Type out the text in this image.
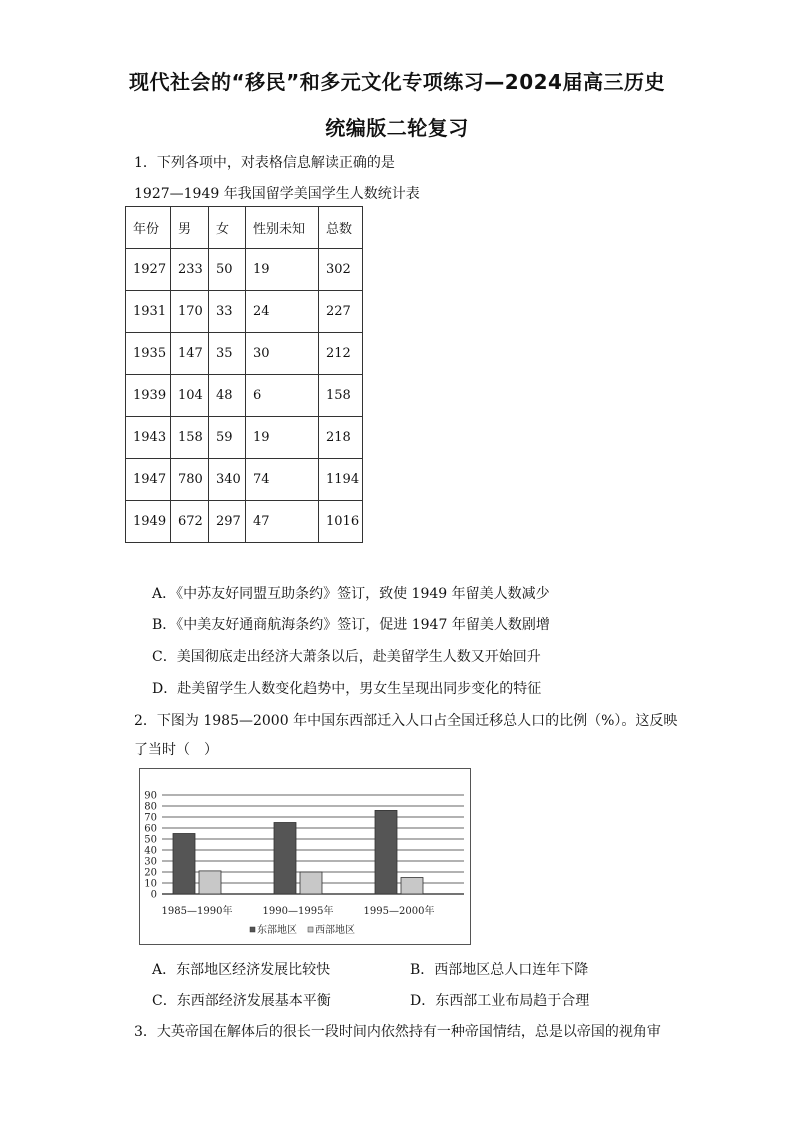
现代社会的“移民”和多元文化专项练习—2024届高三历史
统编版二轮复习
1．下列各项中，对表格信息解读正确的是
1927—1949 年我国留学美国学生人数统计表
年份	男	女	性别未知	总数
1927	233	50	19	302
1931	170	33	24	227
1935	147	35	30	212
1939	104	48	6	158
1943	158	59	19	218
1947	780	340	74	1194
1949	672	297	47	1016
A．《中苏友好同盟互助条约》签订，致使 1949 年留美人数减少
B．《中美友好通商航海条约》签订，促进 1947 年留美人数剧增
C．美国彻底走出经济大萧条以后，赴美留学生人数又开始回升
D．赴美留学生人数变化趋势中，男女生呈现出同步变化的特征
2．下图为 1985—2000 年中国东西部迁入人口占全国迁移总人口的比例（%）。这反映
了当时（　）
0
10
20
30
40
50
60
70
80
90
1985—1990年	1990—1995年	1995—2000年
东部地区 西部地区
A．东部地区经济发展比较快	B．西部地区总人口连年下降
C．东西部经济发展基本平衡	D．东西部工业布局趋于合理
3．大英帝国在解体后的很长一段时间内依然持有一种帝国情结，总是以帝国的视角审
